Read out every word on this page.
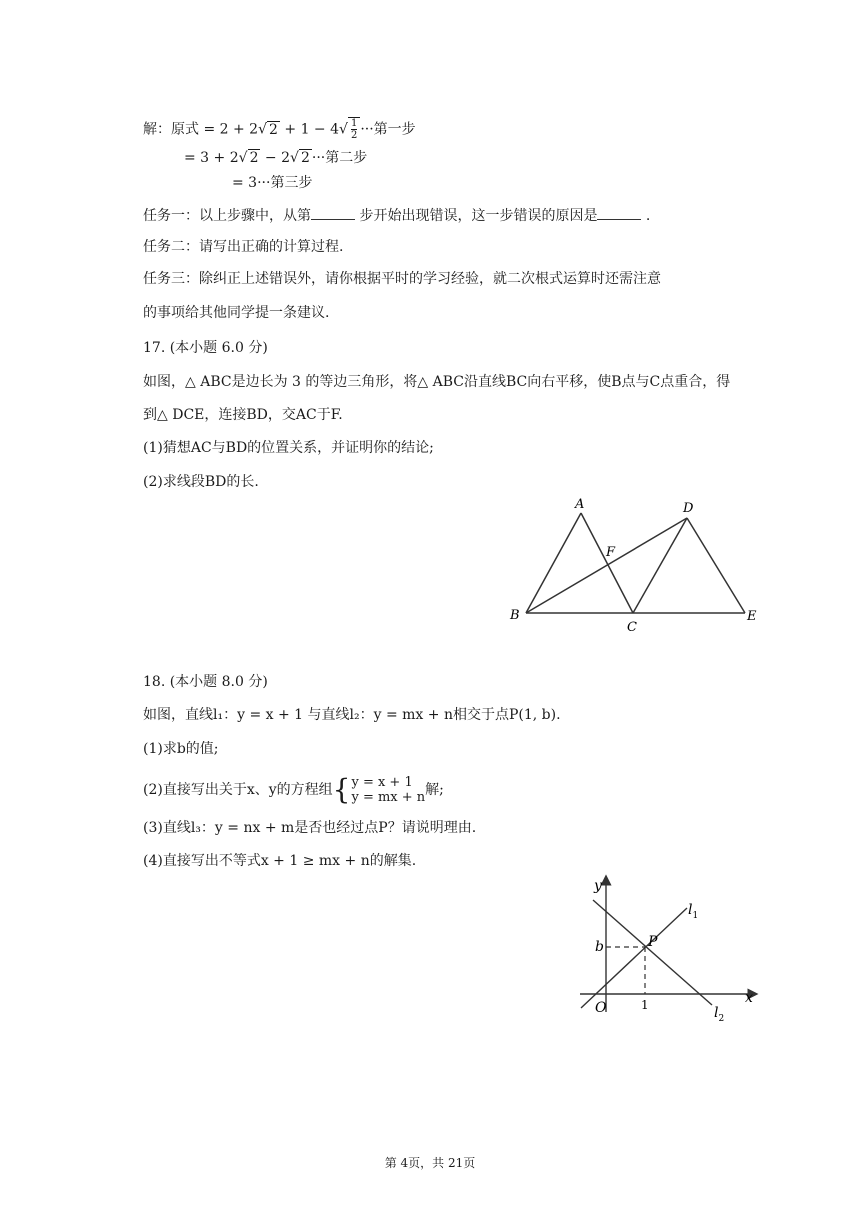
解：原式 = 2 + 2√ $2 + 1 - 4√ \frac{1}{2}$ ···第一步
= 3 + 2√ 2 − 2√ 2 ···第二步
= 3···第三步
任务一：以上步骤中，从第	步开始出现错误，这一步错误的原因是	.
任务二：请写出正确的计算过程.
任务三：除纠正上述错误外，请你根据平时的学习经验，就二次根式运算时还需注意
的事项给其他同学提一条建议.
17. (本小题 6.0 分)
如图，△ ABC是边长为 3 的等边三角形，将△ ABC沿直线BC向右平移，使B点与C点重合，得
到△ DCE，连接BD，交AC于F.
(1)猜想AC与BD的位置关系，并证明你的结论;
(2)求线段BD的长.
A
B
C
D
E
F
18. (本小题 8.0 分)
如图，直线l₁：y = x + 1 与直线l₂：y = mx + n相交于点P(1, b).
(1)求b的值;
(2)直接写出关于x、y的方程组{ y = x + 1
y = mx + n 解;
(3)直线l₃：y = nx + m是否也经过点P？请说明理由.
(4)直接写出不等式x + 1 ≥ mx + n的解集.
y
x
O
b
1
P
$l_1$
$l_2$
第 4页，共 21页
